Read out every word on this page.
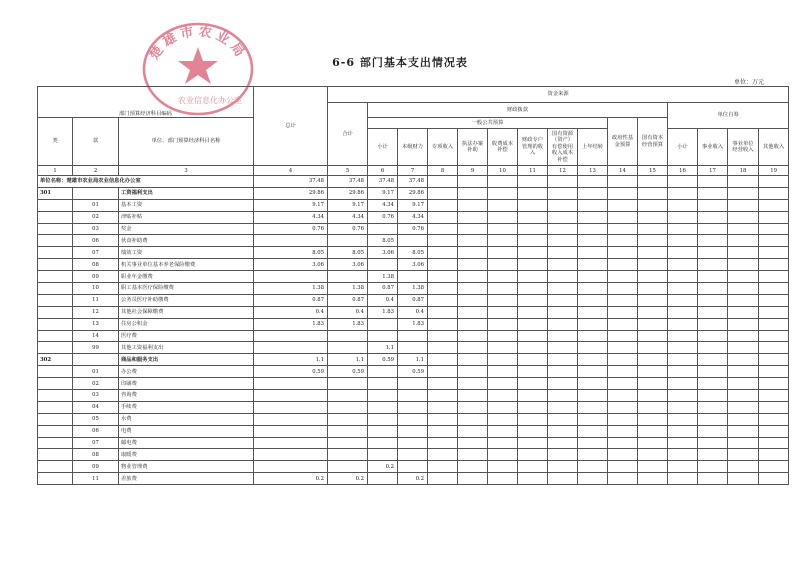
楚雄市农业局
农业信息化办公室
6-6 部门基本支出情况表
单位：万元
部门预算经济科目编码			总计	资金来源														
				合计	财政拨款										单位自筹			
类	款	单位、部门预算经济科目名称			一般公共预算								政府性基金预算	国有资本经营预算				
					小计	本级财力	专项收入	执法办案补助	收费成本补偿	财政专户管理的收入	国有资源（资产）有偿使用收入成本补偿	上年结转			小计	事业收入	事业单位经营收入	其他收入

1	2	3	4	5	6	7	8	9	10	11	12	13	14	15	16	17	18	19
单位名称：楚雄市农业局农业信息化办公室			37.48	37.48	37.48	37.48												
301		工资福利支出	29.86	29.86	9.17	29.86												
	01	基本工资	9.17	9.17	4.34	9.17												
	02	津贴补贴	4.34	4.34	0.76	4.34												
	03	奖金	0.76	0.76		0.76												
	06	伙食补助费			8.05													
	07	绩效工资	8.05	8.05	3.06	8.05												
	08	机关事业单位基本养老保险缴费	3.06	3.06		3.06												
	09	职业年金缴费			1.38													
	10	职工基本医疗保险缴费	1.38	1.38	0.87	1.38												
	11	公务员医疗补助缴费	0.87	0.87	0.4	0.87												
	12	其他社会保障缴费	0.4	0.4	1.83	0.4												
	13	住房公积金	1.83	1.83		1.83												
	14	医疗费																
	99	其他工资福利支出			1.1													
302		商品和服务支出	1.1	1.1	0.59	1.1												
	01	办公费	0.59	0.59		0.59												
	02	印刷费																
	03	咨询费																
	04	手续费																
	05	水费																
	06	电费																
	07	邮电费																
	08	取暖费																
	09	物业管理费			0.2													
	11	差旅费	0.2	0.2		0.2												
